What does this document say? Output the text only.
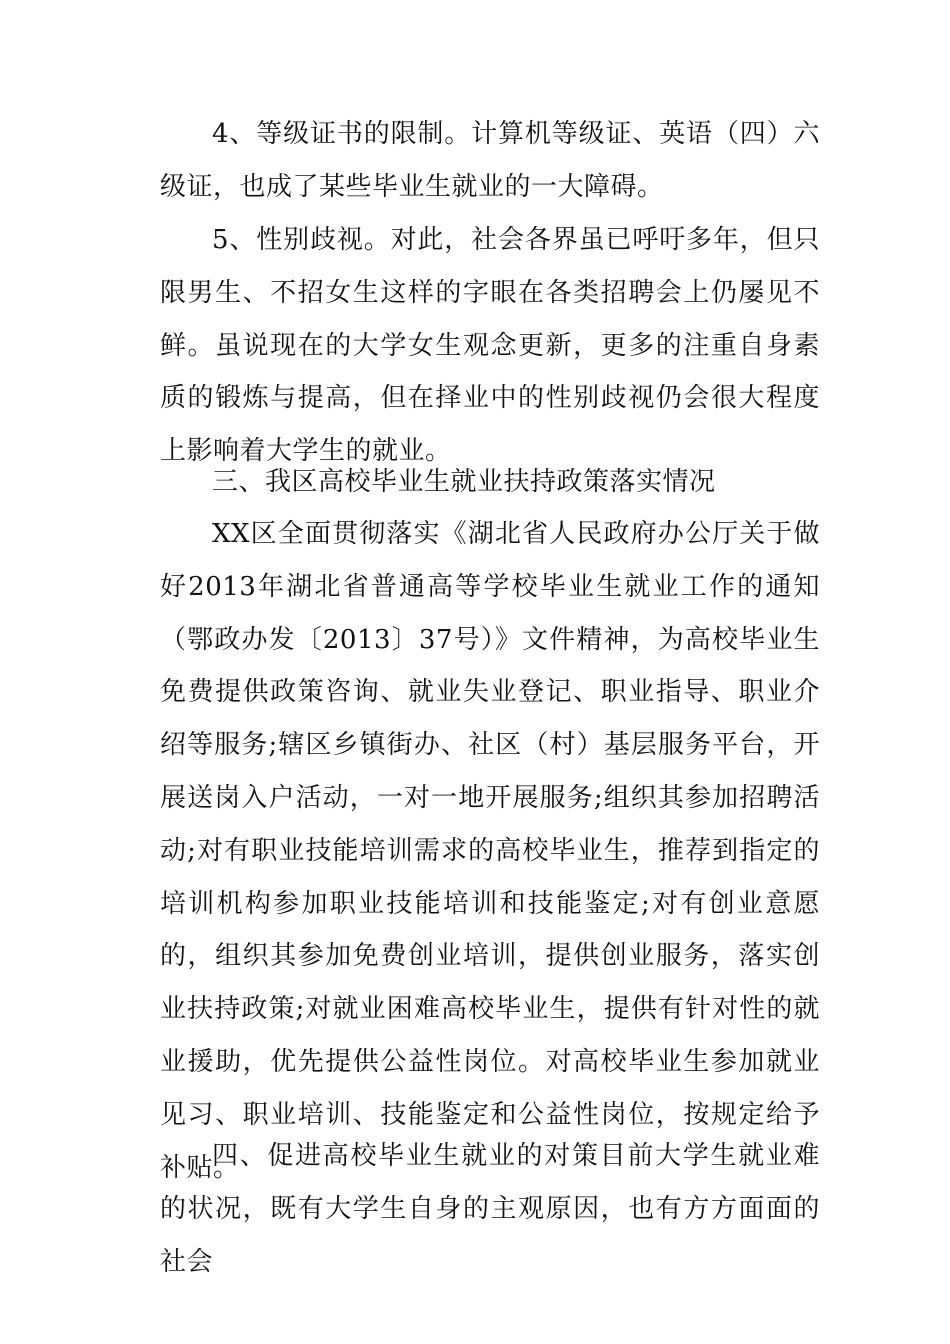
4、等级证书的限制。计算机等级证、英语（四）六级证，也成了某些毕业生就业的一大障碍。

5、性别歧视。对此，社会各界虽已呼吁多年，但只限男生、不招女生这样的字眼在各类招聘会上仍屡见不鲜。虽说现在的大学女生观念更新，更多的注重自身素质的锻炼与提高，但在择业中的性别歧视仍会很大程度上影响着大学生的就业。

三、我区高校毕业生就业扶持政策落实情况

XX区全面贯彻落实《湖北省人民政府办公厅关于做好2013年湖北省普通高等学校毕业生就业工作的通知（鄂政办发〔2013〕37号）》文件精神，为高校毕业生免费提供政策咨询、就业失业登记、职业指导、职业介绍等服务;辖区乡镇街办、社区（村）基层服务平台，开展送岗入户活动，一对一地开展服务;组织其参加招聘活动;对有职业技能培训需求的高校毕业生，推荐到指定的培训机构参加职业技能培训和技能鉴定;对有创业意愿的，组织其参加免费创业培训，提供创业服务，落实创业扶持政策;对就业困难高校毕业生，提供有针对性的就业援助，优先提供公益性岗位。对高校毕业生参加就业见习、职业培训、技能鉴定和公益性岗位，按规定给予补贴。

四、促进高校毕业生就业的对策目前大学生就业难的状况，既有大学生自身的主观原因，也有方方面面的社会
